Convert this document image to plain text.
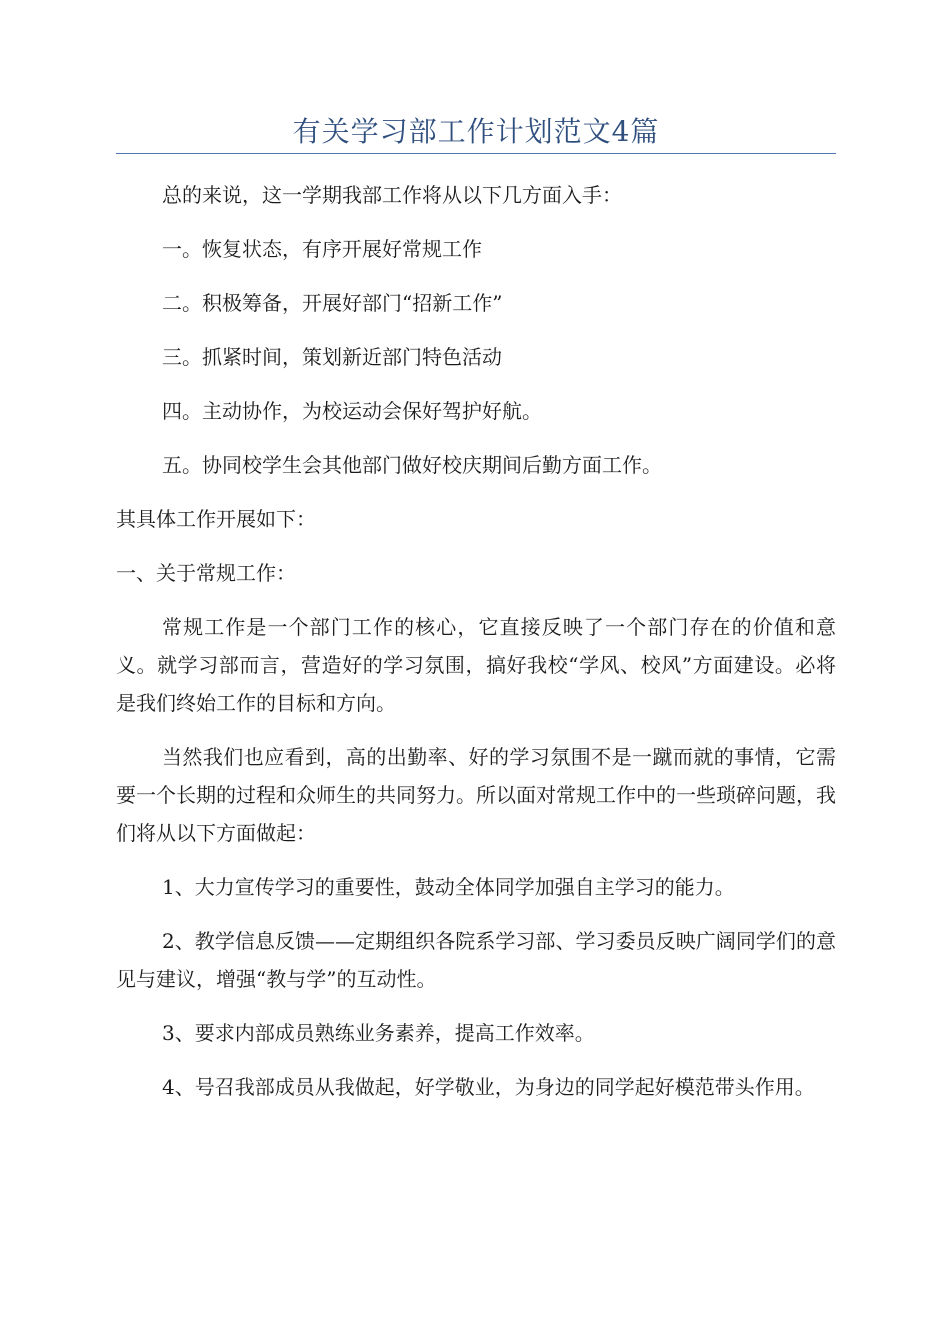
有关学习部工作计划范文4篇

总的来说，这一学期我部工作将从以下几方面入手：

一。恢复状态，有序开展好常规工作

二。积极筹备，开展好部门“招新工作”

三。抓紧时间，策划新近部门特色活动

四。主动协作，为校运动会保好驾护好航。

五。协同校学生会其他部门做好校庆期间后勤方面工作。

其具体工作开展如下：

一、关于常规工作：

常规工作是一个部门工作的核心，它直接反映了一个部门存在的价值和意义。就学习部而言，营造好的学习氛围，搞好我校“学风、校风”方面建设。必将是我们终始工作的目标和方向。

当然我们也应看到，高的出勤率、好的学习氛围不是一蹴而就的事情，它需要一个长期的过程和众师生的共同努力。所以面对常规工作中的一些琐碎问题，我们将从以下方面做起：

1、大力宣传学习的重要性，鼓动全体同学加强自主学习的能力。

2、教学信息反馈——定期组织各院系学习部、学习委员反映广阔同学们的意见与建议，增强“教与学”的互动性。

3、要求内部成员熟练业务素养，提高工作效率。

4、号召我部成员从我做起，好学敬业，为身边的同学起好模范带头作用。
